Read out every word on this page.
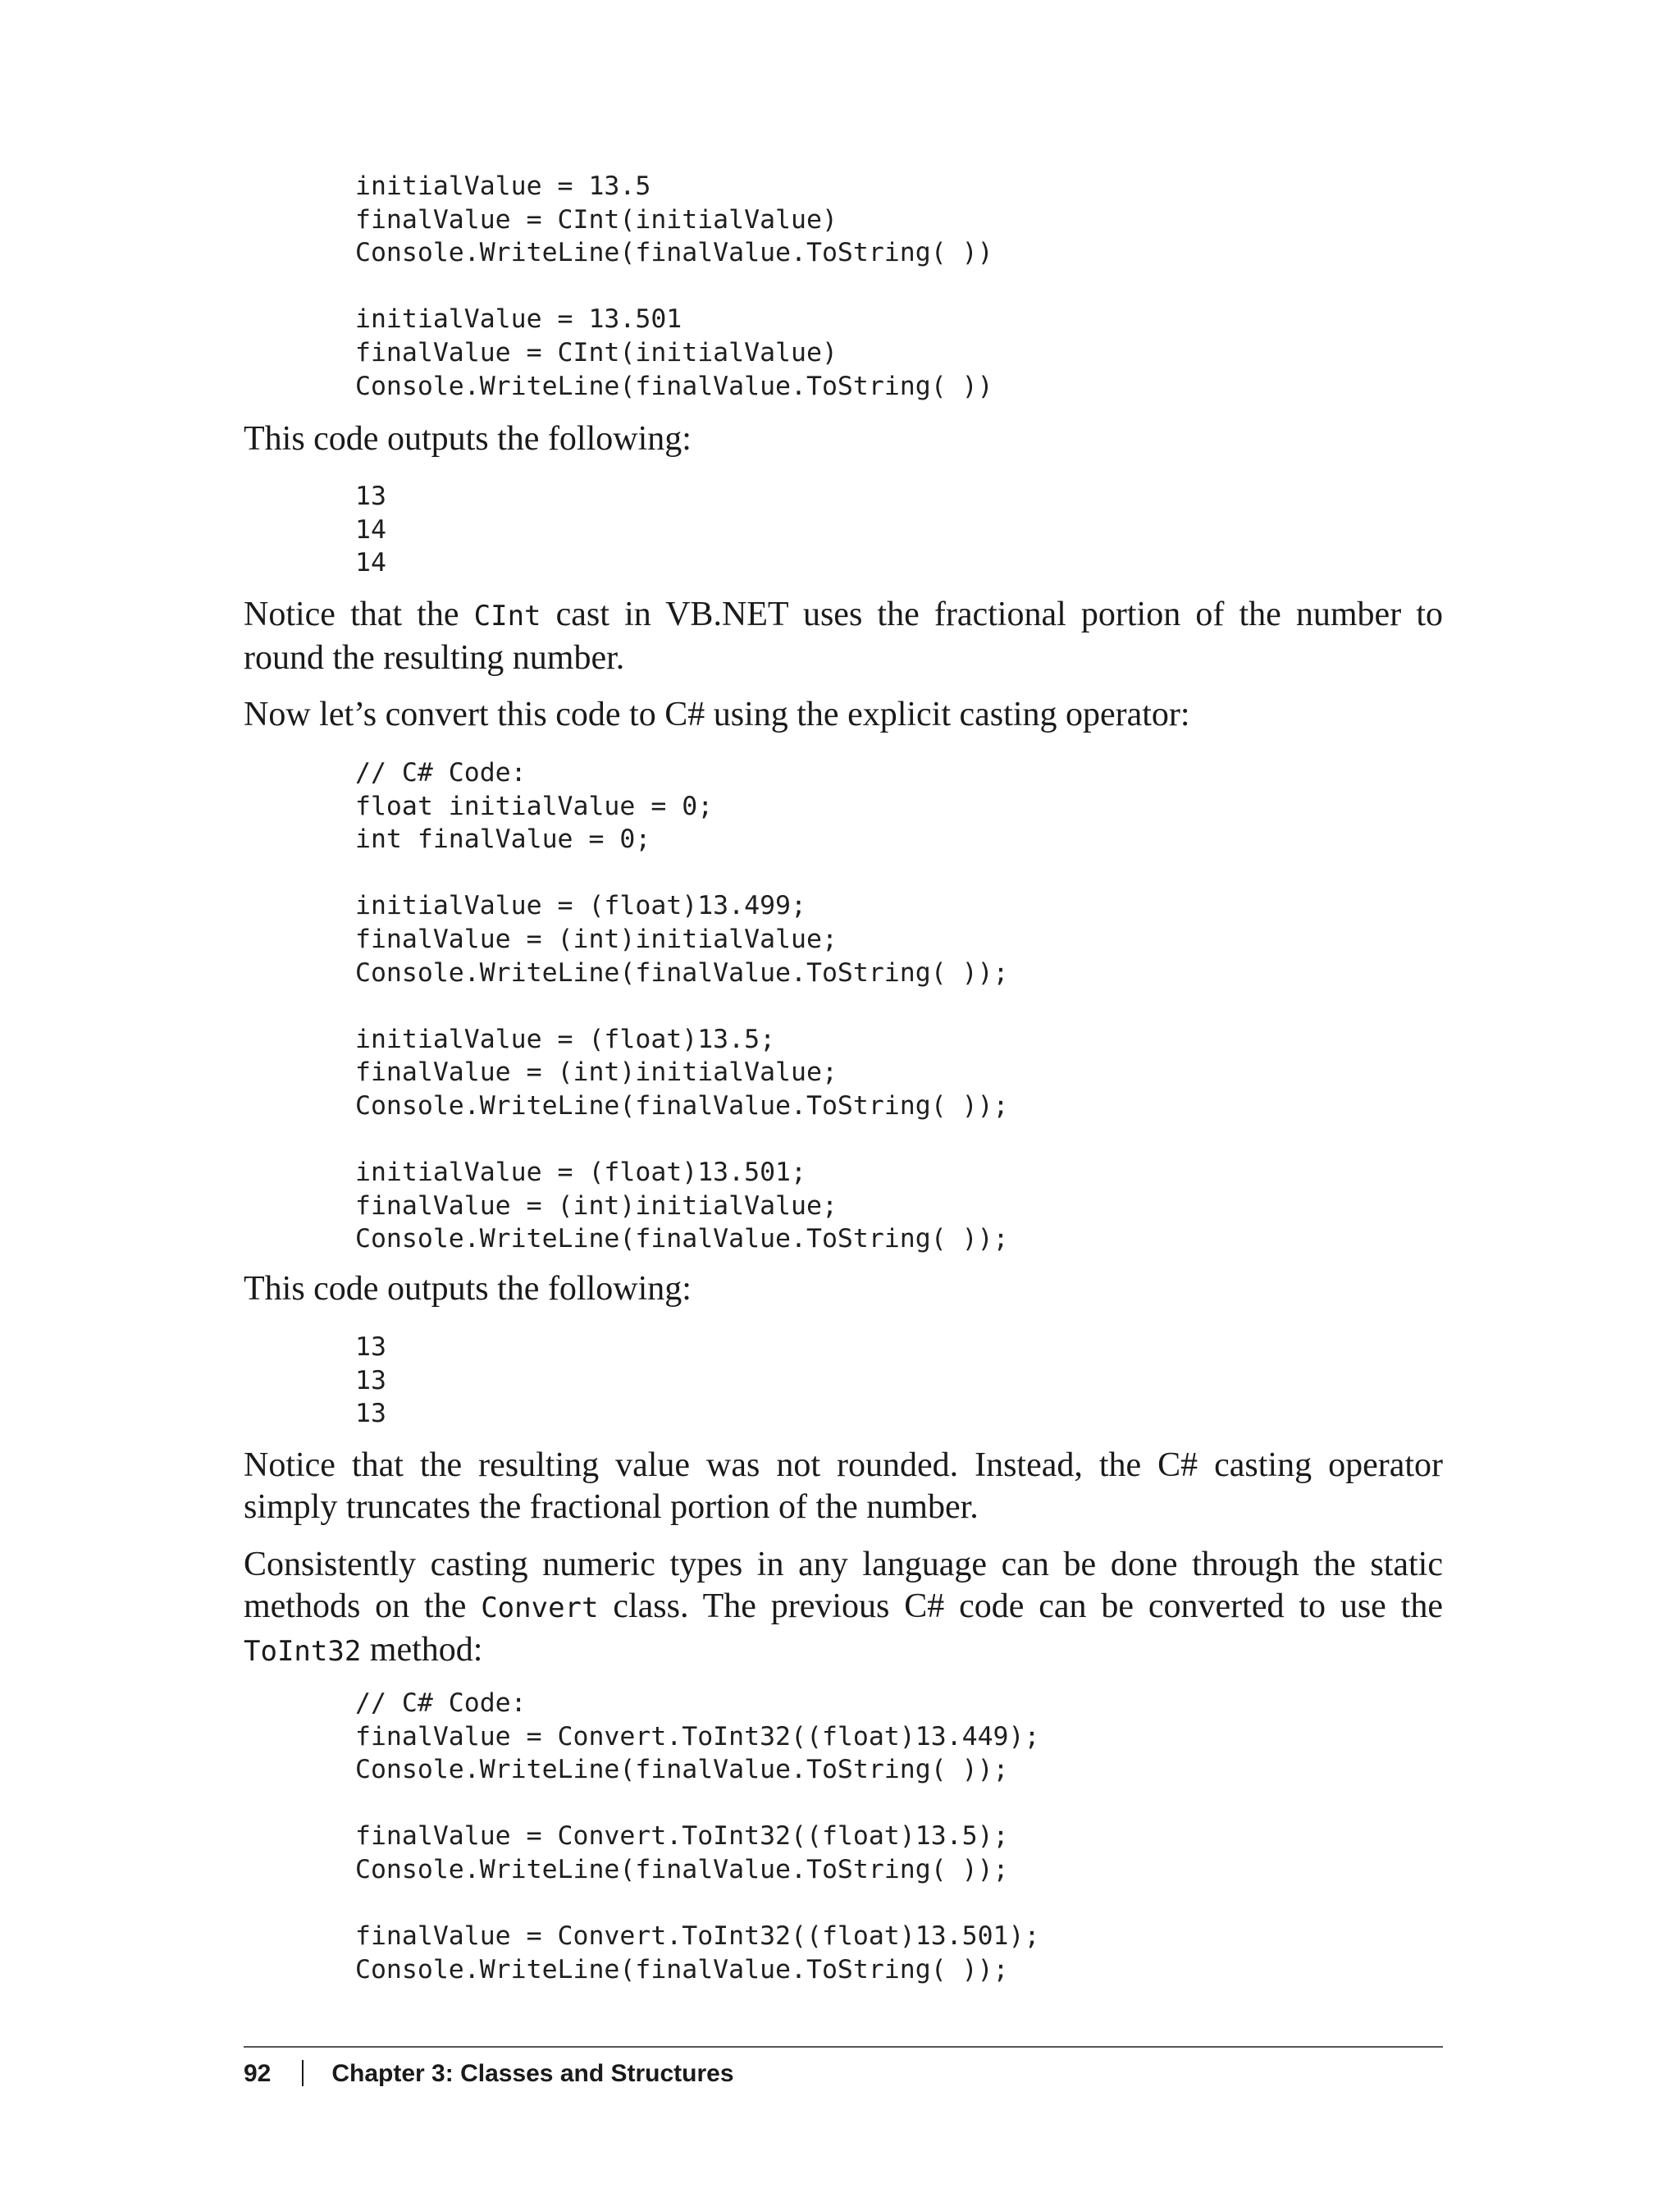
initialValue = 13.5
finalValue = CInt(initialValue)
Console.WriteLine(finalValue.ToString( ))

initialValue = 13.501
finalValue = CInt(initialValue)
Console.WriteLine(finalValue.ToString( ))

This code outputs the following:

13
14
14

Notice that the CInt cast in VB.NET uses the fractional portion of the number to round the resulting number.

Now let’s convert this code to C# using the explicit casting operator:

// C# Code:
float initialValue = 0;
int finalValue = 0;

initialValue = (float)13.499;
finalValue = (int)initialValue;
Console.WriteLine(finalValue.ToString( ));

initialValue = (float)13.5;
finalValue = (int)initialValue;
Console.WriteLine(finalValue.ToString( ));

initialValue = (float)13.501;
finalValue = (int)initialValue;
Console.WriteLine(finalValue.ToString( ));

This code outputs the following:

13
13
13

Notice that the resulting value was not rounded. Instead, the C# casting operator simply truncates the fractional portion of the number.

Consistently casting numeric types in any language can be done through the static methods on the Convert class. The previous C# code can be converted to use the ToInt32 method:

// C# Code:
finalValue = Convert.ToInt32((float)13.449);
Console.WriteLine(finalValue.ToString( ));

finalValue = Convert.ToInt32((float)13.5);
Console.WriteLine(finalValue.ToString( ));

finalValue = Convert.ToInt32((float)13.501);
Console.WriteLine(finalValue.ToString( ));
92 Chapter 3: Classes and Structures
